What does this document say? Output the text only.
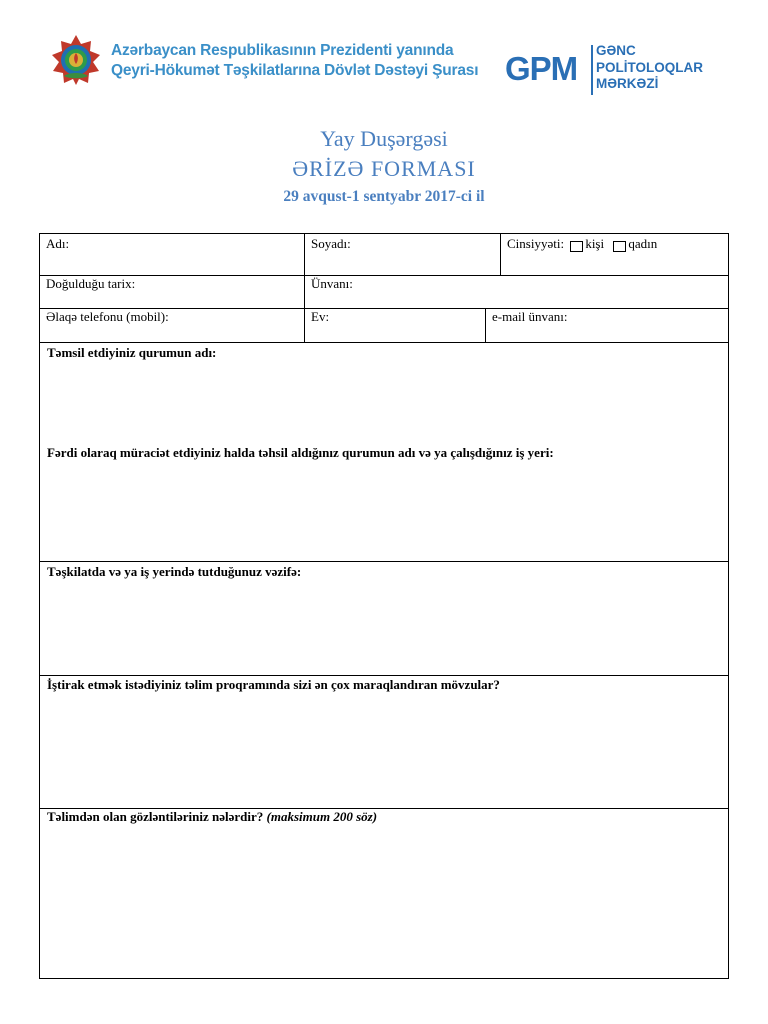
Azərbaycan Respublikasının Prezidenti yanında
Qeyri-Hökumət Təşkilatlarına Dövlət Dəstəyi Şurası GPM GƏNC
POLİTOLOQLAR
MƏRKƏZİ
Yay Duşərgəsi
ƏRİZƏ FORMASI
29 avqust-1 sentyabr 2017-ci il
Adı:	Soyadı:	Cinsiyyəti: kişi qadın
Doğulduğu tarix:	Ünvanı:
Əlaqə telefonu (mobil):	Ev:	e-mail ünvanı:
Təmsil etdiyiniz qurumun adı:
Fərdi olaraq müraciət etdiyiniz halda təhsil aldığınız qurumun adı və ya çalışdığınız iş yeri:
Təşkilatda və ya iş yerində tutduğunuz vəzifə:
İştirak etmək istədiyiniz təlim proqramında sizi ən çox maraqlandıran mövzular?
Təlimdən olan gözləntiləriniz nələrdir? (maksimum 200 söz)
